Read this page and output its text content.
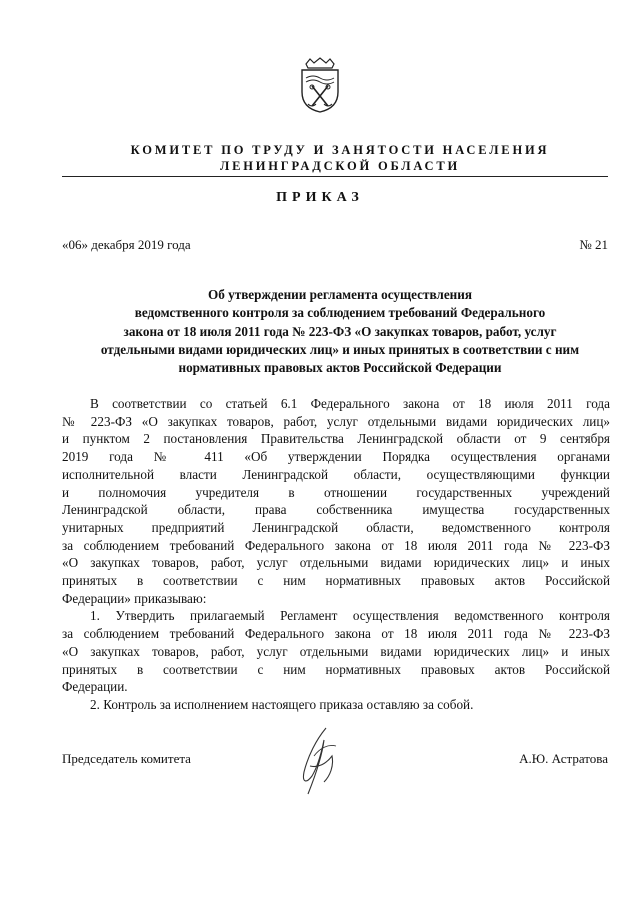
КОМИТЕТ ПО ТРУДУ И ЗАНЯТОСТИ НАСЕЛЕНИЯ
ЛЕНИНГРАДСКОЙ ОБЛАСТИ
ПРИКАЗ
«06» декабря 2019 года	№ 21
Об утверждении регламента осуществления
ведомственного контроля за соблюдением требований Федерального
закона от 18 июля 2011 года № 223-ФЗ «О закупках товаров, работ, услуг
отдельными видами юридических лиц» и иных принятых в соответствии с ним
нормативных правовых актов Российской Федерации
В соответствии со статьей 6.1 Федерального закона от 18 июля 2011 года
№ 223-ФЗ «О закупках товаров, работ, услуг отдельными видами юридических лиц»
и пунктом 2 постановления Правительства Ленинградской области от 9 сентября
2019 года № 411 «Об утверждении Порядка осуществления органами
исполнительной власти Ленинградской области, осуществляющими функции
и полномочия учредителя в отношении государственных учреждений
Ленинградской области, права собственника имущества государственных
унитарных предприятий Ленинградской области, ведомственного контроля
за соблюдением требований Федерального закона от 18 июля 2011 года № 223-ФЗ
«О закупках товаров, работ, услуг отдельными видами юридических лиц» и иных
принятых в соответствии с ним нормативных правовых актов Российской
Федерации» приказываю:
1. Утвердить прилагаемый Регламент осуществления ведомственного контроля
за соблюдением требований Федерального закона от 18 июля 2011 года № 223-ФЗ
«О закупках товаров, работ, услуг отдельными видами юридических лиц» и иных
принятых в соответствии с ним нормативных правовых актов Российской
Федерации.
2. Контроль за исполнением настоящего приказа оставляю за собой.
Председатель комитета	А.Ю. Астратова
